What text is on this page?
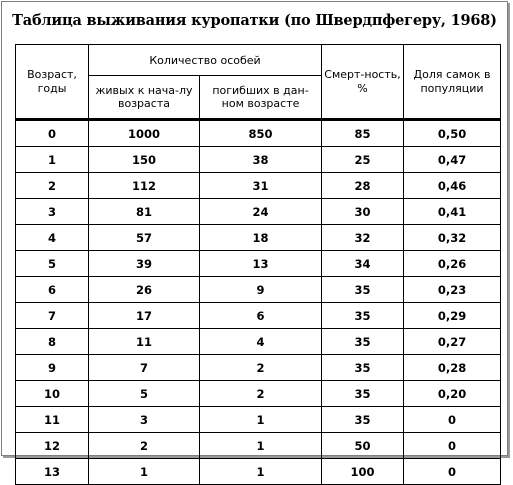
Таблица выживания куропатки (по Швердпфегеру, 1968)
Возраст, годы	Количество особей		Смерт-ность, %	Доля самок в популяции
	живых к нача-лу возраста	погибших в дан-ном возрасте		
0	1000	850	85	0,50
1	150	38	25	0,47
2	112	31	28	0,46
3	81	24	30	0,41
4	57	18	32	0,32
5	39	13	34	0,26
6	26	9	35	0,23
7	17	6	35	0,29
8	11	4	35	0,27
9	7	2	35	0,28
10	5	2	35	0,20
11	3	1	35	0
12	2	1	50	0
13	1	1	100	0
